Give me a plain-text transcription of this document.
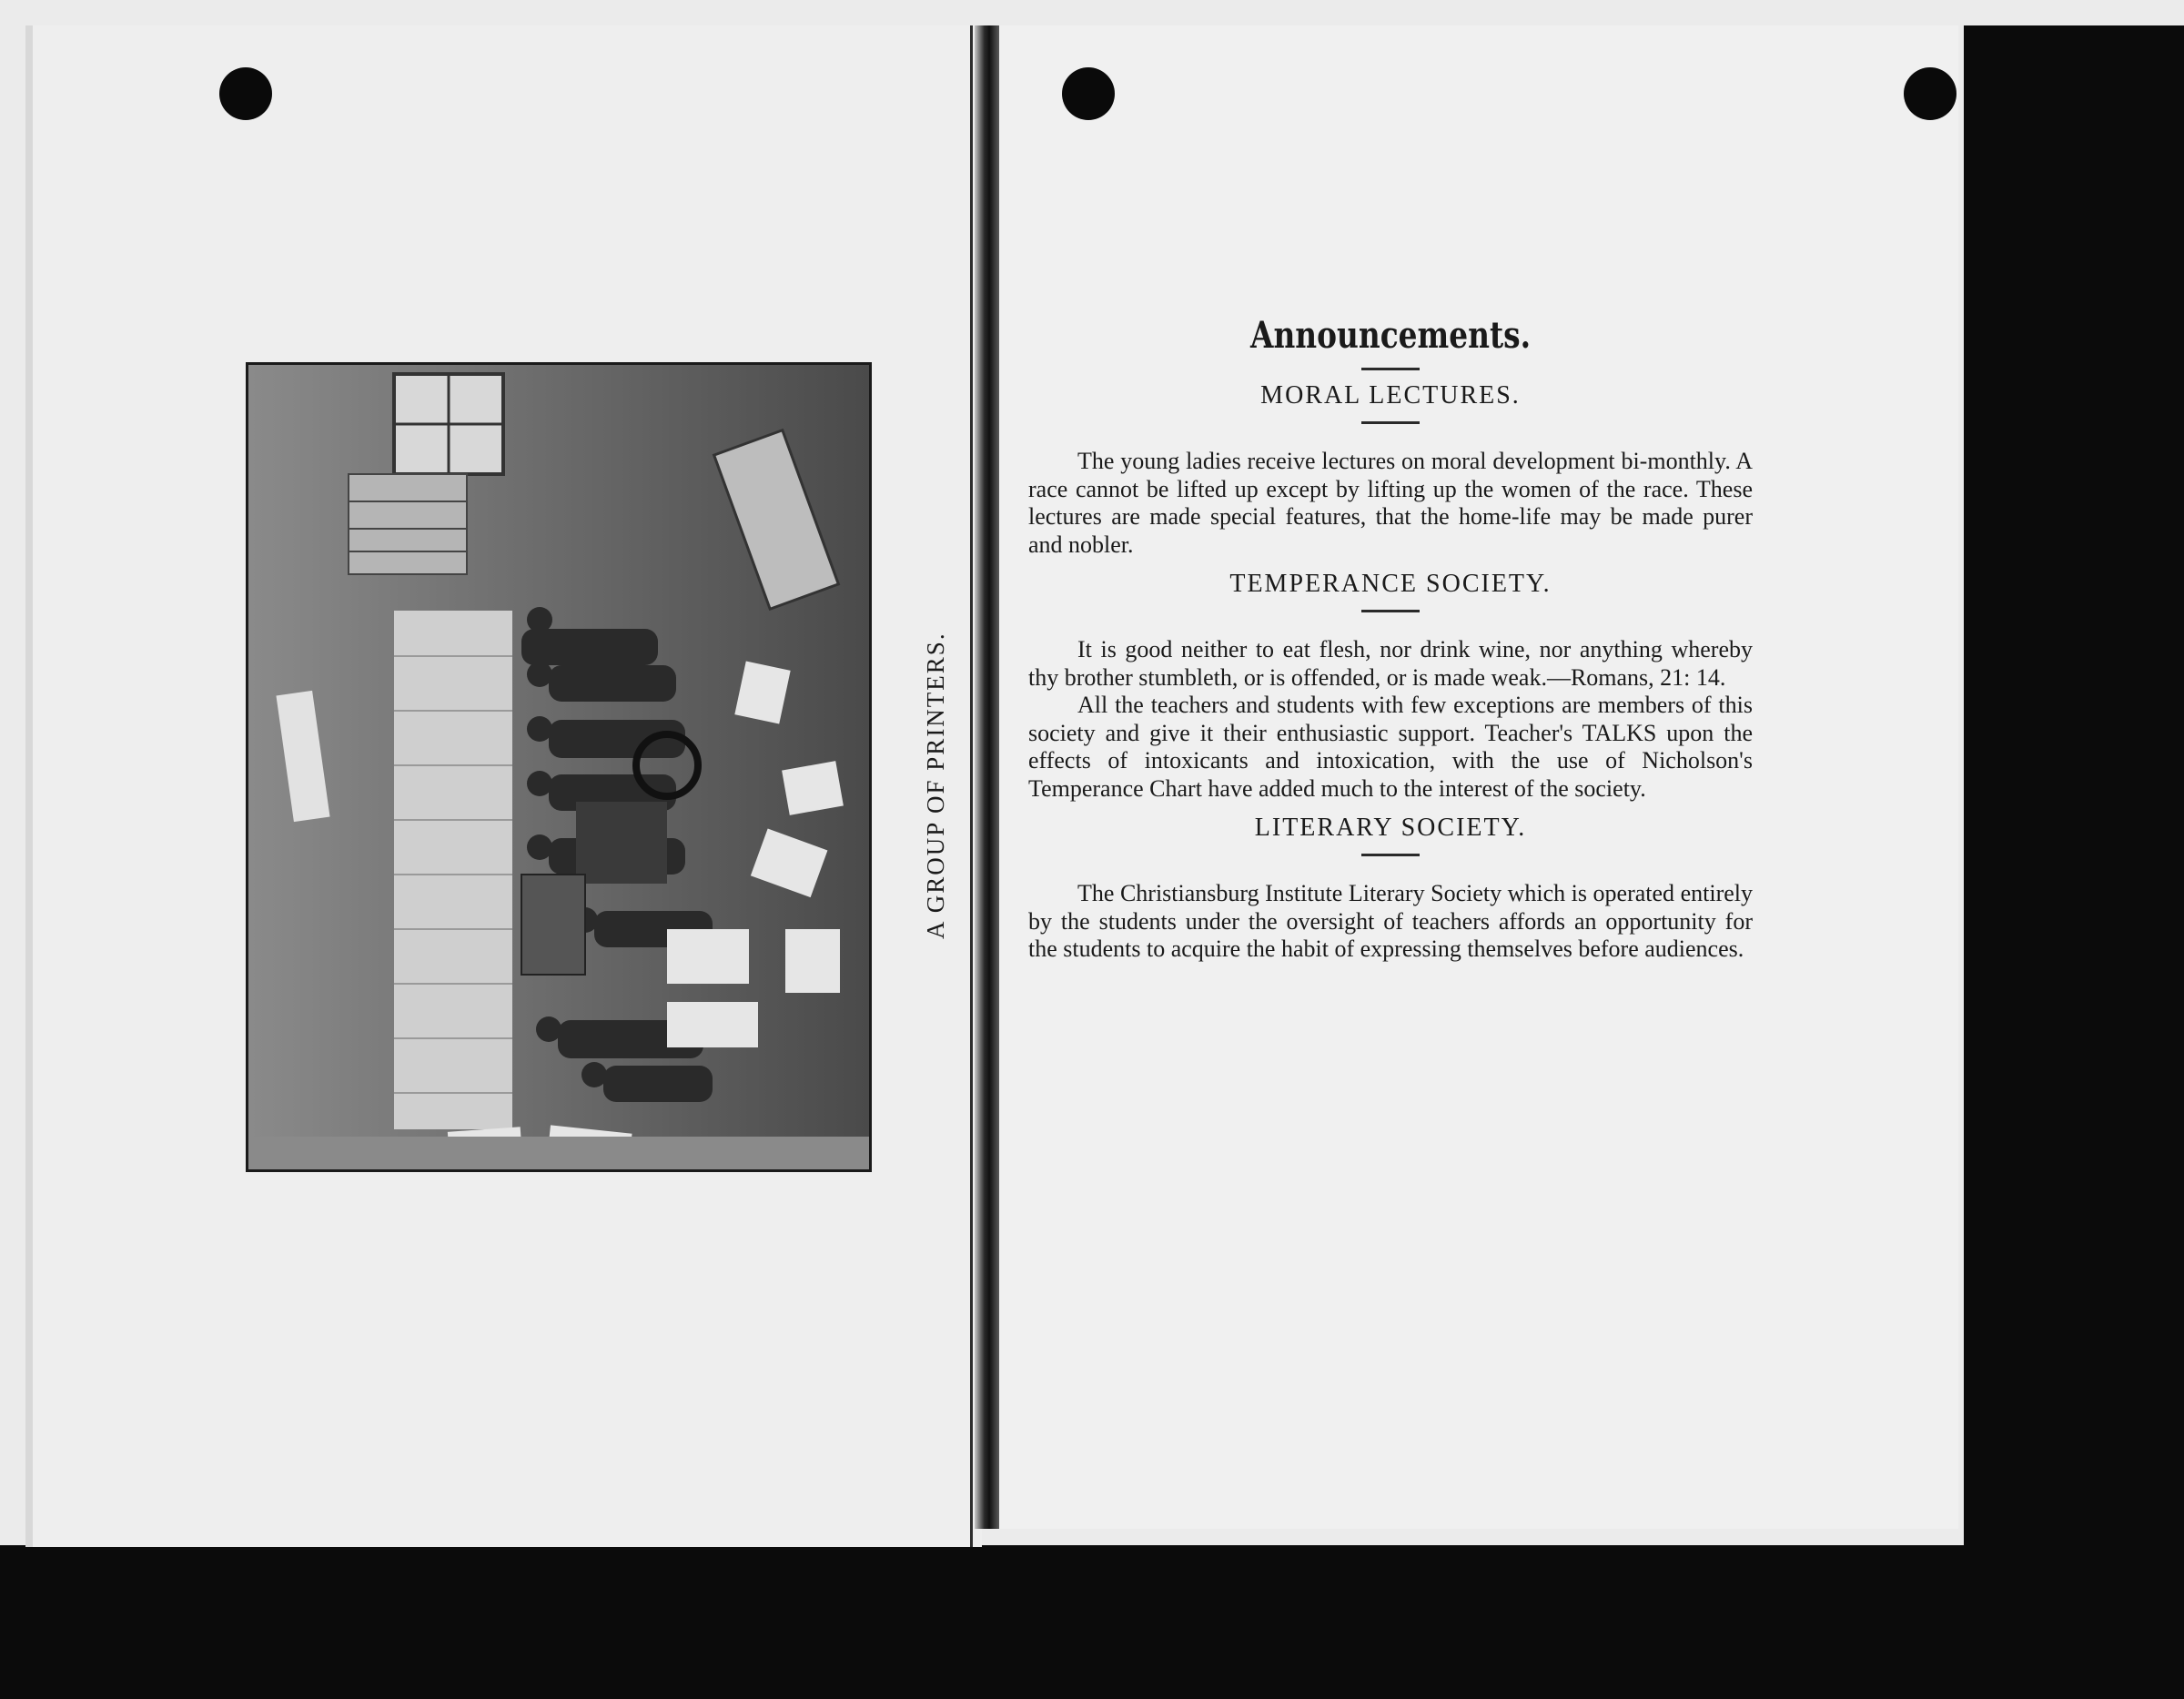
A GROUP OF PRINTERS.
Announcements.
MORAL LECTURES.

The young ladies receive lectures on moral development bi-monthly. A race cannot be lifted up except by lifting up the women of the race. These lectures are made special features, that the home-life may be made purer and nobler.

TEMPERANCE SOCIETY.

It is good neither to eat flesh, nor drink wine, nor anything whereby thy brother stumbleth, or is offended, or is made weak.—Romans, 21: 14.

All the teachers and students with few exceptions are members of this society and give it their enthusiastic support. Teacher's TALKS upon the effects of intoxicants and intoxication, with the use of Nicholson's Temperance Chart have added much to the interest of the society.

LITERARY SOCIETY.

The Christiansburg Institute Literary Society which is operated entirely by the students under the oversight of teachers affords an opportunity for the students to acquire the habit of expressing themselves before audiences.
